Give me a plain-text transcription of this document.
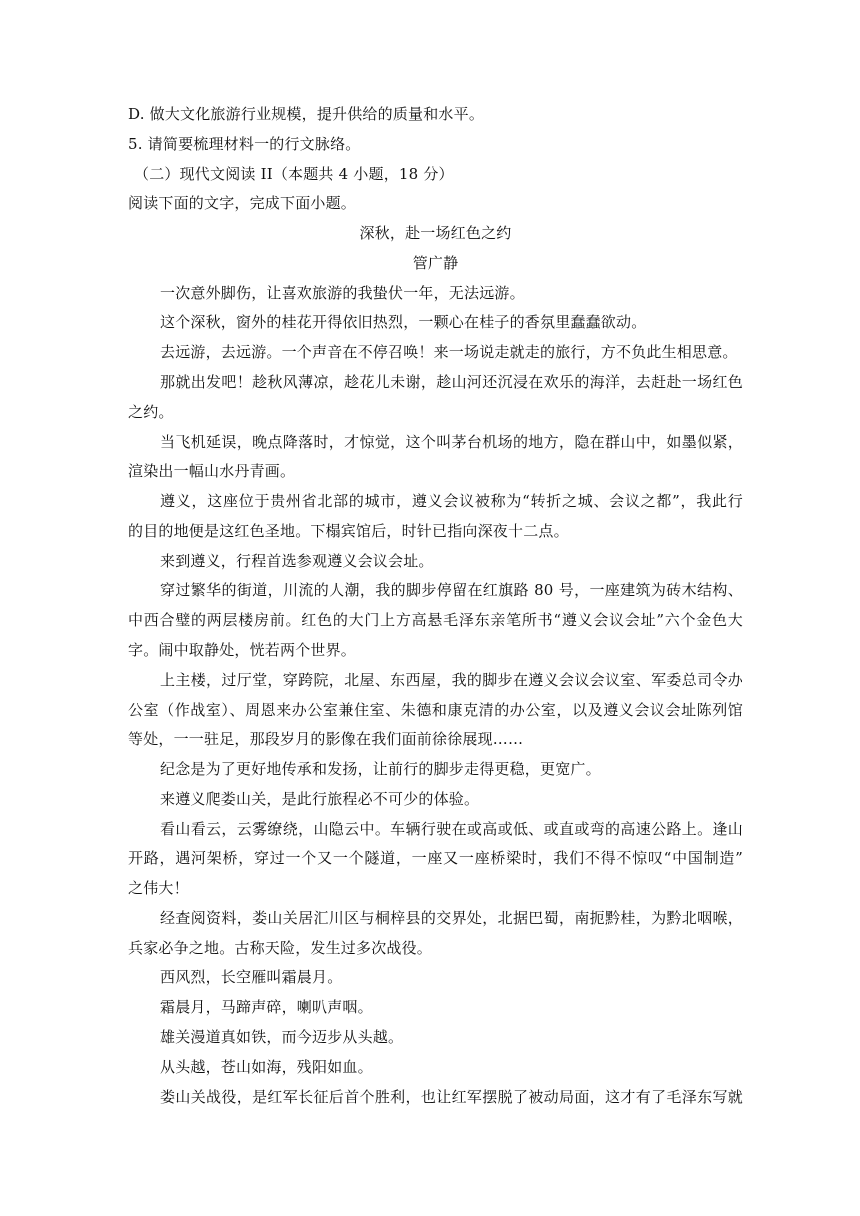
D. 做大文化旅游行业规模，提升供给的质量和水平。
5. 请简要梳理材料一的行文脉络。
（二）现代文阅读 II（本题共 4 小题，18 分）
阅读下面的文字，完成下面小题。
深秋，赴一场红色之约
管广静
一次意外脚伤，让喜欢旅游的我蛰伏一年，无法远游。
这个深秋，窗外的桂花开得依旧热烈，一颗心在桂子的香氛里蠢蠢欲动。
去远游，去远游。一个声音在不停召唤！来一场说走就走的旅行，方不负此生相思意。
那就出发吧！趁秋风薄凉，趁花儿未谢，趁山河还沉浸在欢乐的海洋，去赶赴一场红色
之约。
当飞机延误，晚点降落时，才惊觉，这个叫茅台机场的地方，隐在群山中，如墨似紧，
渲染出一幅山水丹青画。
遵义，这座位于贵州省北部的城市，遵义会议被称为“转折之城、会议之都”，我此行
的目的地便是这红色圣地。下榻宾馆后，时针已指向深夜十二点。
来到遵义，行程首选参观遵义会议会址。
穿过繁华的街道，川流的人潮，我的脚步停留在红旗路 80 号，一座建筑为砖木结构、
中西合璧的两层楼房前。红色的大门上方高悬毛泽东亲笔所书“遵义会议会址”六个金色大
字。闹中取静处，恍若两个世界。
上主楼，过厅堂，穿跨院，北屋、东西屋，我的脚步在遵义会议会议室、军委总司令办
公室（作战室）、周恩来办公室兼住室、朱德和康克清的办公室，以及遵义会议会址陈列馆
等处，一一驻足，那段岁月的影像在我们面前徐徐展现……
纪念是为了更好地传承和发扬，让前行的脚步走得更稳，更宽广。
来遵义爬娄山关，是此行旅程必不可少的体验。
看山看云，云雾缭绕，山隐云中。车辆行驶在或高或低、或直或弯的高速公路上。逢山
开路，遇河架桥，穿过一个又一个隧道，一座又一座桥梁时，我们不得不惊叹“中国制造”
之伟大！
经查阅资料，娄山关居汇川区与桐梓县的交界处，北据巴蜀，南扼黔桂，为黔北咽喉，
兵家必争之地。古称天险，发生过多次战役。
西风烈，长空雁叫霜晨月。
霜晨月，马蹄声碎，喇叭声咽。
雄关漫道真如铁，而今迈步从头越。
从头越，苍山如海，残阳如血。
娄山关战役，是红军长征后首个胜利，也让红军摆脱了被动局面，这才有了毛泽东写就
